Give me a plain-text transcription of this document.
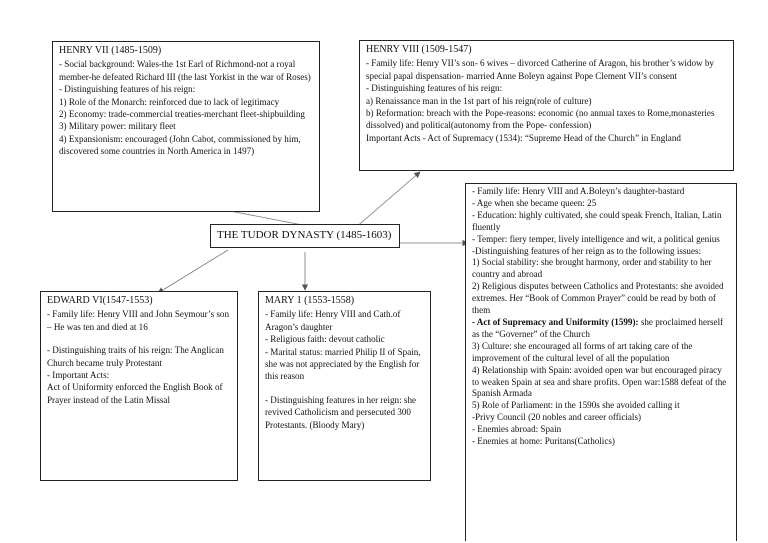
HENRY VII (1485-1509)
- Social background: Wales-the 1st Earl of Richmond-not a royal member-he defeated Richard III (the last Yorkist in the war of Roses)
- Distinguishing features of his reign:
1) Role of the Monarch: reinforced due to lack of legitimacy
2) Economy: trade-commercial treaties-merchant fleet-shipbuilding
3) Military power: military fleet
4) Expansionism: encouraged (John Cabot, commissioned by him, discovered some countries in North America in 1497)
HENRY VIII (1509-1547)
- Family life: Henry VII’s son- 6 wives – divorced Catherine of Aragon, his brother’s widow by special papal dispensation- married Anne Boleyn against Pope Clement VII’s consent
- Distinguishing features of his reign:
a) Renaissance man in the 1st part of his reign(role of culture)
b) Reformation: breach with the Pope-reasons: economic (no annual taxes to Rome,monasteries dissolved) and political(autonomy from the Pope- confession)
Important Acts - Act of Supremacy (1534): “Supreme Head of the Church” in England
THE TUDOR DYNASTY (1485-1603)
EDWARD VI(1547-1553)
- Family life: Henry VIII and John Seymour’s son – He was ten and died at 16
- Distinguishing traits of his reign: The Anglican Church became truly Protestant
- Important Acts:
Act of Uniformity enforced the English Book of Prayer instead of the Latin Missal
MARY 1 (1553-1558)
- Family life: Henry VIII and Cath.of Aragon’s daughter
- Religious faith: devout catholic
- Marital status: married Philip II of Spain, she was not appreciated by the English for this reason
- Distinguishing features in her reign: she revived Catholicism and persecuted 300 Protestants. (Bloody Mary)
- Family life: Henry VIII and A.Boleyn’s daughter-bastard
- Age when she became queen: 25
- Education: highly cultivated, she could speak French, Italian, Latin fluently
- Temper: fiery temper, lively intelligence and wit, a political genius
-Distinguishing features of her reign as to the following issues:
1) Social stability: she brought harmony, order and stability to her country and abroad
2) Religious disputes between Catholics and Protestants: she avoided extremes. Her “Book of Common Prayer” could be read by both of them
- Act of Supremacy and Uniformity (1599): she proclaimed herself as the “Governer” of the Church
3) Culture: she encouraged all forms of art taking care of the improvement of the cultural level of all the population
4) Relationship with Spain: avoided open war but encouraged piracy to weaken Spain at sea and share profits. Open war:1588 defeat of the Spanish Armada
5) Role of Parliament: in the 1590s she avoided calling it
-Privy Council (20 nobles and career officials)
- Enemies abroad: Spain
- Enemies at home: Puritans(Catholics)
